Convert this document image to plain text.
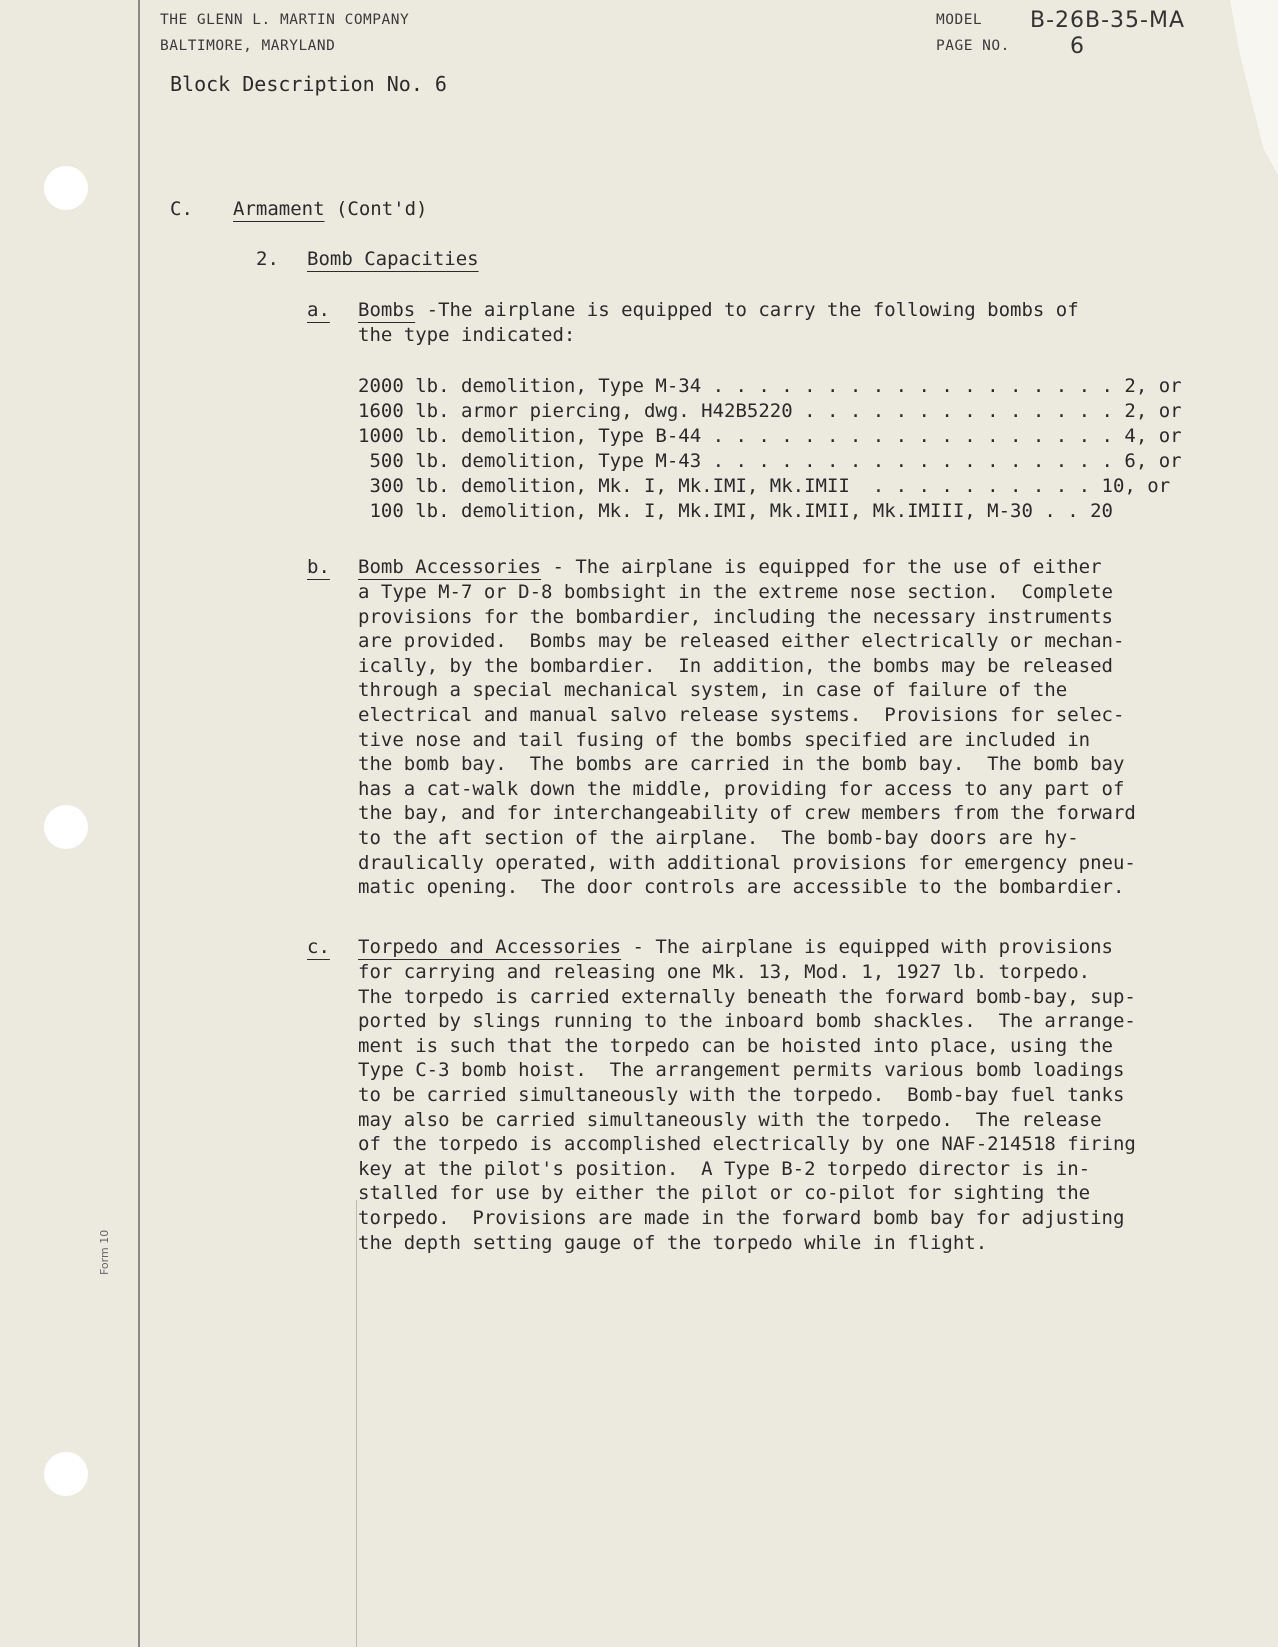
THE GLENN L. MARTIN COMPANY
BALTIMORE, MARYLAND
MODEL B-26B-35-MA
PAGE NO.	6
Block Description No. 6
C. Armament (Cont'd)
2. Bomb Capacities
a. Bombs -The airplane is equipped to carry the following bombs of
the type indicated:
2000 lb. demolition, Type M-34 . . . . . . . . . . . . . . . . . . 2, or
1600 lb. armor piercing, dwg. H42B5220 . . . . . . . . . . . . . . 2, or
1000 lb. demolition, Type B-44 . . . . . . . . . . . . . . . . . . 4, or
500 lb. demolition, Type M-43 . . . . . . . . . . . . . . . . . . 6, or
300 lb. demolition, Mk. I, Mk.IMI, Mk.IMII  . . . . . . . . . . 10, or
100 lb. demolition, Mk. I, Mk.IMI, Mk.IMII, Mk.IMIII, M-30 . . 20
b. Bomb Accessories - The airplane is equipped for the use of either
a Type M-7 or D-8 bombsight in the extreme nose section.  Complete
provisions for the bombardier, including the necessary instruments
are provided.  Bombs may be released either electrically or mechan-
ically, by the bombardier.  In addition, the bombs may be released
through a special mechanical system, in case of failure of the
electrical and manual salvo release systems.  Provisions for selec-
tive nose and tail fusing of the bombs specified are included in
the bomb bay.  The bombs are carried in the bomb bay.  The bomb bay
has a cat-walk down the middle, providing for access to any part of
the bay, and for interchangeability of crew members from the forward
to the aft section of the airplane.  The bomb-bay doors are hy-
draulically operated, with additional provisions for emergency pneu-
matic opening.  The door controls are accessible to the bombardier.
c. Torpedo and Accessories - The airplane is equipped with provisions
for carrying and releasing one Mk. 13, Mod. 1, 1927 lb. torpedo.
The torpedo is carried externally beneath the forward bomb-bay, sup-
ported by slings running to the inboard bomb shackles.  The arrange-
ment is such that the torpedo can be hoisted into place, using the
Type C-3 bomb hoist.  The arrangement permits various bomb loadings
to be carried simultaneously with the torpedo.  Bomb-bay fuel tanks
may also be carried simultaneously with the torpedo.  The release
of the torpedo is accomplished electrically by one NAF-214518 firing
key at the pilot's position.  A Type B-2 torpedo director is in-
stalled for use by either the pilot or co-pilot for sighting the
torpedo.  Provisions are made in the forward bomb bay for adjusting
the depth setting gauge of the torpedo while in flight.
Form 10
